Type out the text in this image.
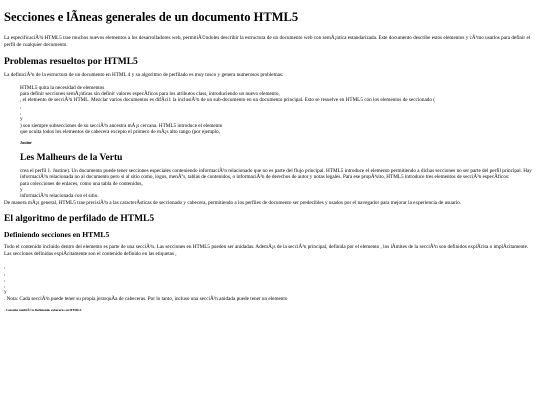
Secciones e lÃneas generales de un documento HTML5

La especificaciÃ³n HTML5 trae muchos nuevos elementos a los desarrolladores web, permitiÃ©ndoles describir la estructura de un documento web con semÃ¡ntica estandarizada. Este documento describe estos elementos y cÃ³mo usarlos para definir el perfil de cualquier documento.

Problemas resueltos por HTML5

La definiciÃ³n de la estructura de un documento en HTML 4 y su algoritmo de perfilado es muy tosco y genera numerosos problemas:

HTML5 quita la necesidad de elementos

para definir secciones semÃ¡nticas sin definir valores especÃficos para los atributos class, introduciendo un nuevo elemento,

, el elemento de secciÃ³n HTML. Mezclar varios documentos es difÃcil: la inclusiÃ³n de un sub-documento en un documento principal. Esto se resuelve en HTML5 con los elementos de seccionado (

,

,

y

) son siempre subsecciones de su secciÃ³n ancestra mÃ¡s cercana. HTML5 introduce el elemento

que oculta todos los elementos de cabecera excepto el primero de mÃ¡s alto rango (por ejemplo,

Justine
Les Malheurs de la Vertu

crea el perfil 1. Justine). Un documento puede tener secciones especiales conteniendo informaciÃ³n relacionado que no es parte del flujo principal. HTML5 introduce el elemento permitiendo a dichas secciones no ser parte del perfil principal. Hay informaciÃ³n relacionada no al documento pero si al sitio como, logos, menÃºs, tablas de contenidos, o informaciÃ³n de derechos de autor y notas legales. Para ese propÃ³sito, HTML5 introduce tres elementos de secciÃ³n especÃficos:

para colecciones de enlaces, como una tabla de contenidos,

y

informaciÃ³n relacionada con el sitio.

De manera mÃ¡s general, HTML5 trae precisiÃ³n a las caracterÃsticas de seccionado y cabecera, permitiendo a los perfiles de documento ser predecibles y usados por el navegador para mejorar la experiencia de usuario.

El algoritmo de perfilado de HTML5
Definiendo secciones en HTML5

Todo el contenido incluido dentro del elemento es parte de una secciÃ³n. Las secciones en HTML5 pueden ser anidadas. AdemÃ¡s de la secciÃ³n principal, definida por el elemento , los lÃmites de la secciÃ³n son definidos explÃcita o implÃcitamente. Las secciones definidas explÃcitamente son el contenido definido en las etiquetas ,

,

,

,

,

y

. Nota: Cada secciÃ³n puede tener su propia jerarquÃa de cabeceras. Por lo tanto, incluso una secciÃ³n anidada puede tener un elemento

. Consulte tambiÃ©n Definiendo cabeceras en HTML5.
